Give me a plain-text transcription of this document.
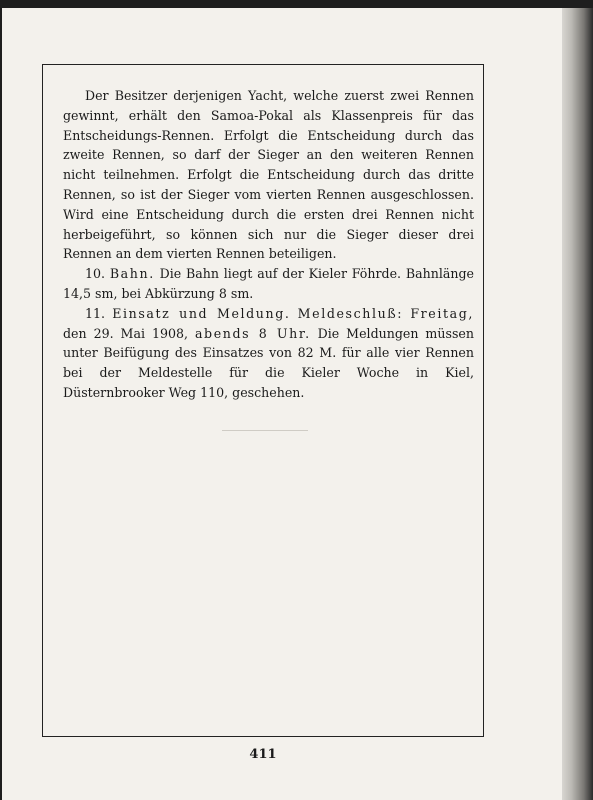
Der Besitzer derjenigen Yacht, welche zuerst zwei Rennen gewinnt, erhält den Samoa-Pokal als Klassenpreis für das Entscheidungs-Rennen. Erfolgt die Entscheidung durch das zweite Rennen, so darf der Sieger an den weiteren Rennen nicht teilnehmen. Erfolgt die Entscheidung durch das dritte Rennen, so ist der Sieger vom vierten Rennen ausgeschlossen. Wird eine Entscheidung durch die ersten drei Rennen nicht herbeigeführt, so können sich nur die Sieger dieser drei Rennen an dem vierten Rennen beteiligen.

10. Bahn. Die Bahn liegt auf der Kieler Föhrde. Bahnlänge 14,5 sm, bei Abkürzung 8 sm.

11. Einsatz und Meldung. Meldeschluß: Freitag, den 29. Mai 1908, abends 8 Uhr. Die Meldungen müssen unter Beifügung des Einsatzes von 82 M. für alle vier Rennen bei der Meldestelle für die Kieler Woche in Kiel, Düsternbrooker Weg 110, geschehen.

411
